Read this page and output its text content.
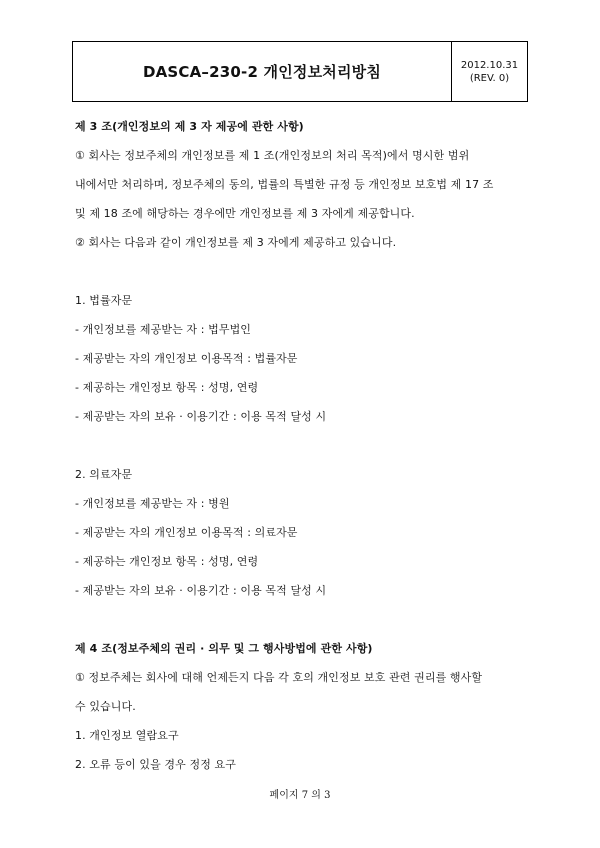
DASCA–230-2 개인정보처리방침	2012.10.31
(REV. 0)
제 3 조(개인정보의 제 3 자 제공에 관한 사항)
① 회사는 정보주체의 개인정보를 제 1 조(개인정보의 처리 목적)에서 명시한 범위
내에서만 처리하며, 정보주체의 동의, 법률의 특별한 규정 등 개인정보 보호법 제 17 조
및 제 18 조에 해당하는 경우에만 개인정보를 제 3 자에게 제공합니다.
② 회사는 다음과 같이 개인정보를 제 3 자에게 제공하고 있습니다.
1. 법률자문
- 개인정보를 제공받는 자 : 법무법인
- 제공받는 자의 개인정보 이용목적 : 법률자문
- 제공하는 개인정보 항목 : 성명, 연령
- 제공받는 자의 보유 · 이용기간 : 이용 목적 달성 시
2. 의료자문
- 개인정보를 제공받는 자 : 병원
- 제공받는 자의 개인정보 이용목적 : 의료자문
- 제공하는 개인정보 항목 : 성명, 연령
- 제공받는 자의 보유 · 이용기간 : 이용 목적 달성 시
제 4 조(정보주체의 권리 · 의무 및 그 행사방법에 관한 사항)
① 정보주체는 회사에 대해 언제든지 다음 각 호의 개인정보 보호 관련 권리를 행사할
수 있습니다.
1. 개인정보 열람요구
2. 오류 등이 있을 경우 정정 요구
페이지 7 의 3
